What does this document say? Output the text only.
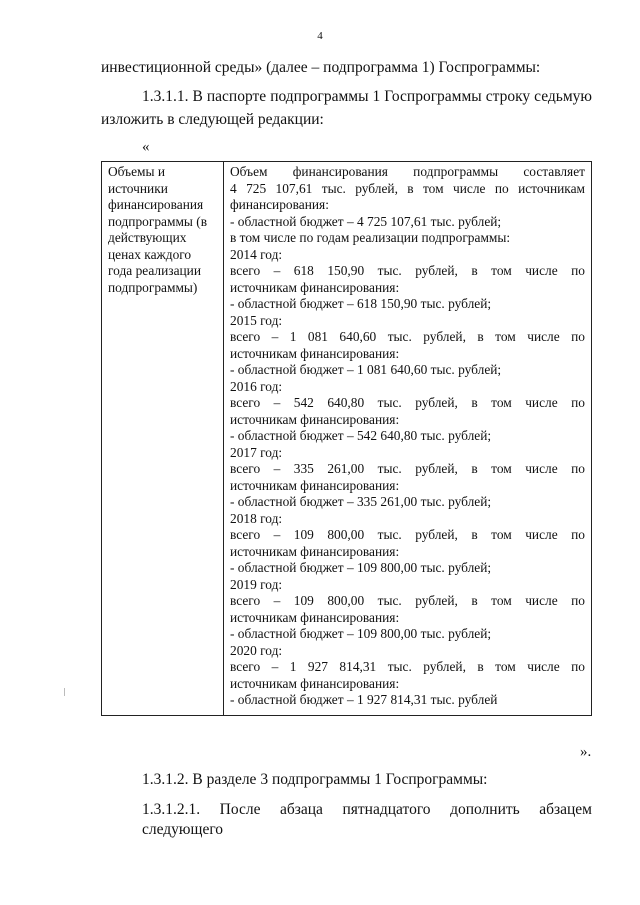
4
инвестиционной среды» (далее – подпрограмма 1) Госпрограммы:
1.3.1.1. В паспорте подпрограммы 1 Госпрограммы строку седьмую
изложить в следующей редакции:
«
Объемы и
источники
финансирования
подпрограммы (в
действующих
ценах каждого
года реализации
подпрограммы)

Объем финансирования подпрограммы составляет
4 725 107,61 тыс. рублей, в том числе по источникам
финансирования:
- областной бюджет – 4 725 107,61 тыс. рублей;
в том числе по годам реализации подпрограммы:
2014 год:
всего – 618 150,90 тыс. рублей, в том числе по
источникам финансирования:
- областной бюджет – 618 150,90 тыс. рублей;
2015 год:
всего – 1 081 640,60 тыс. рублей, в том числе по
источникам финансирования:
- областной бюджет – 1 081 640,60 тыс. рублей;
2016 год:
всего – 542 640,80 тыс. рублей, в том числе по
источникам финансирования:
- областной бюджет – 542 640,80 тыс. рублей;
2017 год:
всего – 335 261,00 тыс. рублей, в том числе по
источникам финансирования:
- областной бюджет – 335 261,00 тыс. рублей;
2018 год:
всего – 109 800,00 тыс. рублей, в том числе по
источникам финансирования:
- областной бюджет – 109 800,00 тыс. рублей;
2019 год:
всего – 109 800,00 тыс. рублей, в том числе по
источникам финансирования:
- областной бюджет – 109 800,00 тыс. рублей;
2020 год:
всего – 1 927 814,31 тыс. рублей, в том числе по
источникам финансирования:
- областной бюджет – 1 927 814,31 тыс. рублей
».
1.3.1.2. В разделе 3 подпрограммы 1 Госпрограммы:
1.3.1.2.1. После абзаца пятнадцатого дополнить абзацем следующего
